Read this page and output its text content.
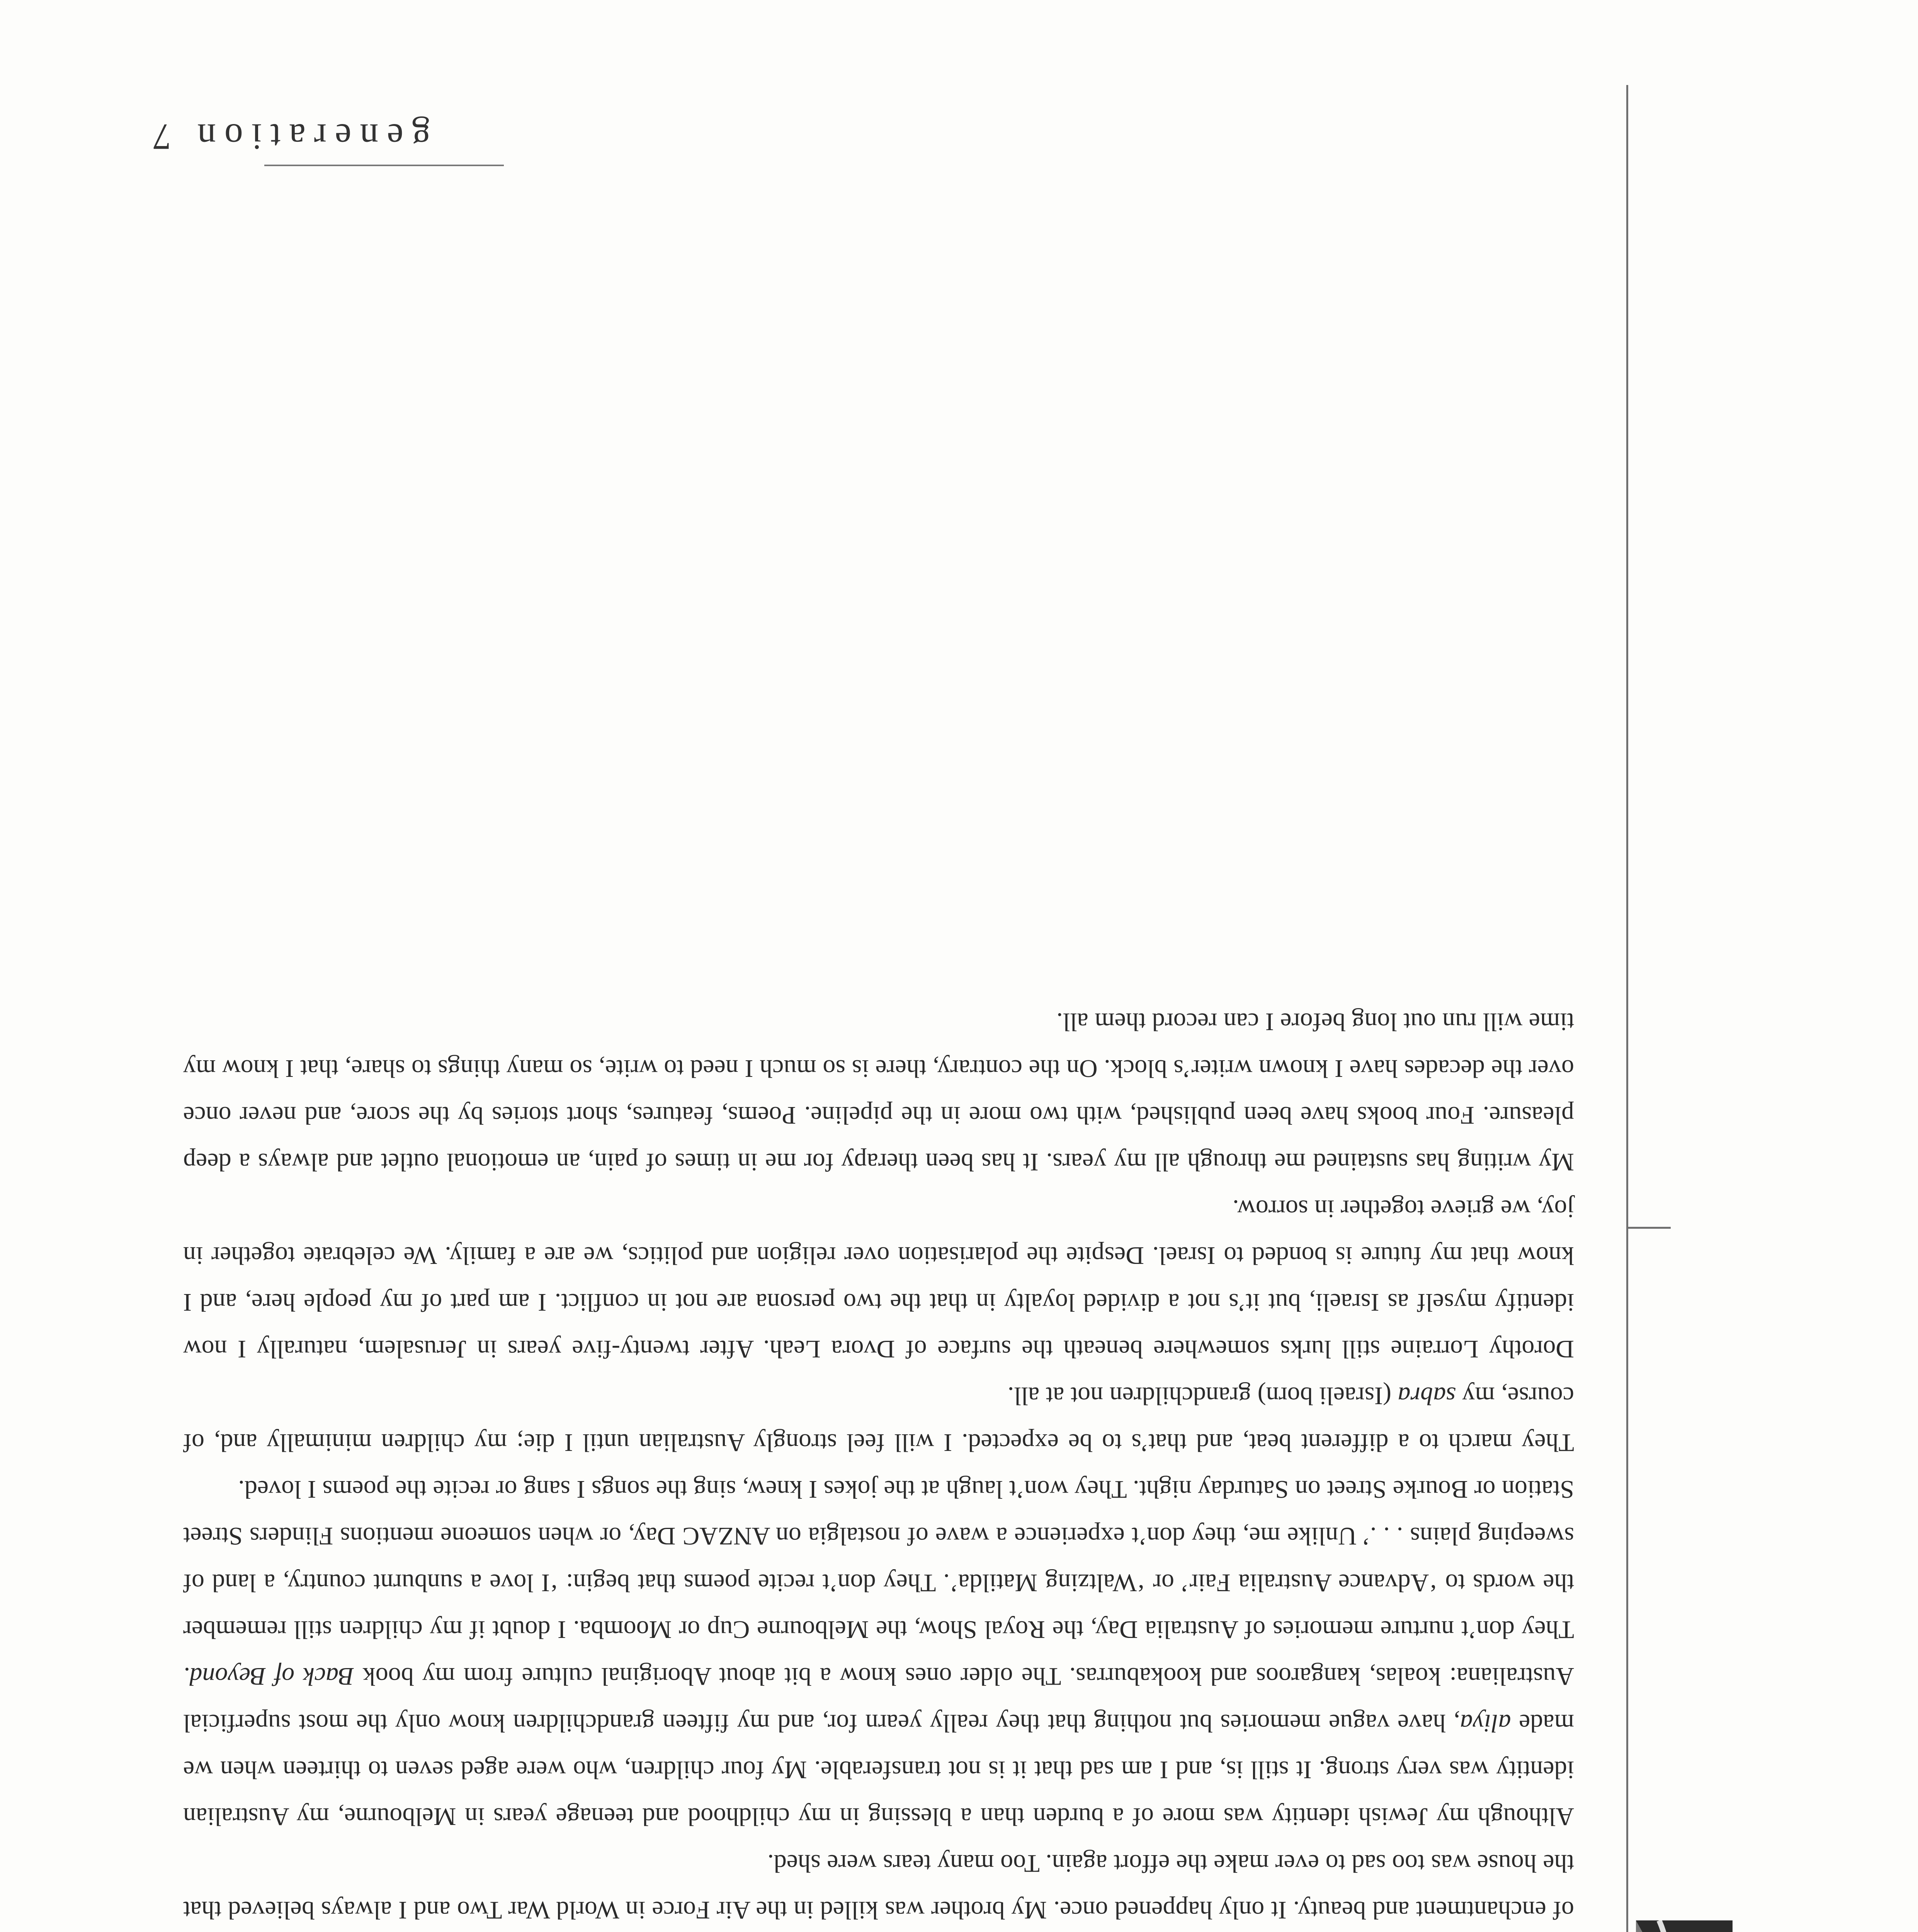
of enchantment and beauty. It only happened once. My brother was killed in the Air Force in World War Two and I always believed that the house was too sad to ever make the effort again. Too many tears were shed.

Although my Jewish identity was more of a burden than a blessing in my childhood and teenage years in Melbourne, my Australian identity was very strong. It still is, and I am sad that it is not transferable. My four children, who were aged seven to thirteen when we made aliya, have vague memories but nothing that they really yearn for, and my fifteen grandchildren know only the most superficial Australiana: koalas, kangaroos and kookaburras. The older ones know a bit about Aboriginal culture from my book Back of Beyond. They don’t nurture memories of Australia Day, the Royal Show, the Melbourne Cup or Moomba. I doubt if my children still remember the words to ‘Advance Australia Fair’ or ‘Waltzing Matilda’. They don’t recite poems that begin: ‘I love a sunburnt country, a land of sweeping plains . . .’ Unlike me, they don’t experience a wave of nostalgia on ANZAC Day, or when someone mentions Flinders Street Station or Bourke Street on Saturday night. They won’t laugh at the jokes I knew, sing the songs I sang or recite the poems I loved.

They march to a different beat, and that’s to be expected. I will feel strongly Australian until I die; my children minimally and, of course, my sabra (Israeli born) grandchildren not at all.

Dorothy Lorraine still lurks somewhere beneath the surface of Dvora Leah. After twenty-five years in Jerusalem, naturally I now identify myself as Israeli, but it’s not a divided loyalty in that the two persona are not in conflict. I am part of my people here, and I know that my future is bonded to Israel. Despite the polarisation over religion and politics, we are a family. We celebrate together in joy, we grieve together in sorrow.

My writing has sustained me through all my years. It has been therapy for me in times of pain, an emotional outlet and always a deep pleasure. Four books have been published, with two more in the pipeline. Poems, features, short stories by the score, and never once over the decades have I known writer’s block. On the contrary, there is so much I need to write, so many things to share, that I know my time will run out long before I can record them all.

generation 7
